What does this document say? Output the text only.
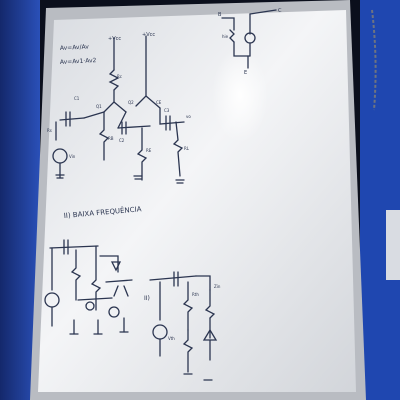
Av=Av/Av
Av=Av1·Av2
+Vcc
+Vcc
II) BAIXA FREQUÊNCIA
Rc
Rs
Vin
RL
CE
C1
C2
C3
Q1
Q2
vo
RE
RB
B
C
E
hie
Rth
Vth
Zin
II)
